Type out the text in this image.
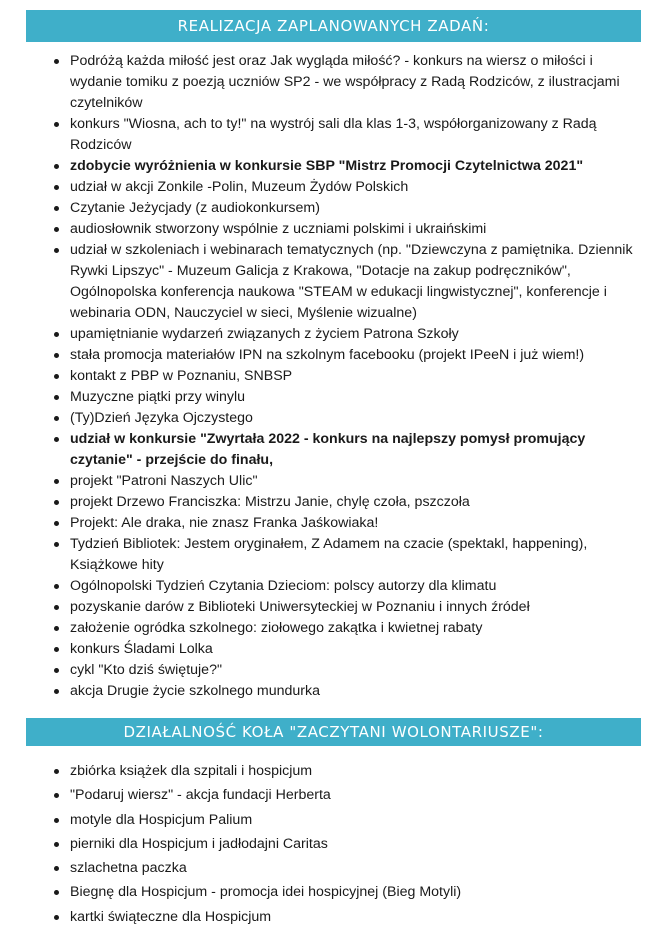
REALIZACJA ZAPLANOWANYCH ZADAŃ:
Podróżą każda miłość jest oraz Jak wygląda miłość? - konkurs na wiersz o miłości i wydanie tomiku z poezją uczniów SP2 - we współpracy z Radą Rodziców, z ilustracjami czytelników
konkurs "Wiosna, ach to ty!" na wystrój sali dla klas 1-3, współorganizowany z Radą Rodziców
zdobycie wyróżnienia w konkursie SBP "Mistrz Promocji Czytelnictwa 2021"
udział w akcji Zonkile -Polin, Muzeum Żydów Polskich
Czytanie Jeżycjady (z audiokonkursem)
audiosłownik stworzony wspólnie z uczniami polskimi i ukraińskimi
udział w szkoleniach i webinarach tematycznych (np. "Dziewczyna z pamiętnika. Dziennik Rywki Lipszyc" - Muzeum Galicja z Krakowa, "Dotacje na zakup podręczników", Ogólnopolska konferencja naukowa "STEAM w edukacji lingwistycznej", konferencje i webinaria ODN, Nauczyciel w sieci, Myślenie wizualne)
upamiętnianie wydarzeń związanych z życiem Patrona Szkoły
stała promocja materiałów IPN na szkolnym facebooku (projekt IPeeN i już wiem!)
kontakt z PBP w Poznaniu, SNBSP
Muzyczne piątki przy winylu
(Ty)Dzień Języka Ojczystego
udział w konkursie "Zwyrtała 2022 - konkurs na najlepszy pomysł promujący czytanie" - przejście do finału,
projekt "Patroni Naszych Ulic"
projekt Drzewo Franciszka: Mistrzu Janie, chylę czoła, pszczoła
Projekt: Ale draka, nie znasz Franka Jaśkowiaka!
Tydzień Bibliotek: Jestem oryginałem, Z Adamem na czacie (spektakl, happening), Książkowe hity
Ogólnopolski Tydzień Czytania Dzieciom: polscy autorzy dla klimatu
pozyskanie darów z Biblioteki Uniwersyteckiej w Poznaniu i innych źródeł
założenie ogródka szkolnego: ziołowego zakątka i kwietnej rabaty
konkurs Śladami Lolka
cykl "Kto dziś świętuje?"
akcja Drugie życie szkolnego mundurka
DZIAŁALNOŚĆ KOŁA "ZACZYTANI WOLONTARIUSZE":
zbiórka książek dla szpitali i hospicjum
"Podaruj wiersz" - akcja fundacji Herberta
motyle dla Hospicjum Palium
pierniki dla Hospicjum i jadłodajni Caritas
szlachetna paczka
Biegnę dla Hospicjum - promocja idei hospicyjnej (Bieg Motyli)
kartki świąteczne dla Hospicjum
